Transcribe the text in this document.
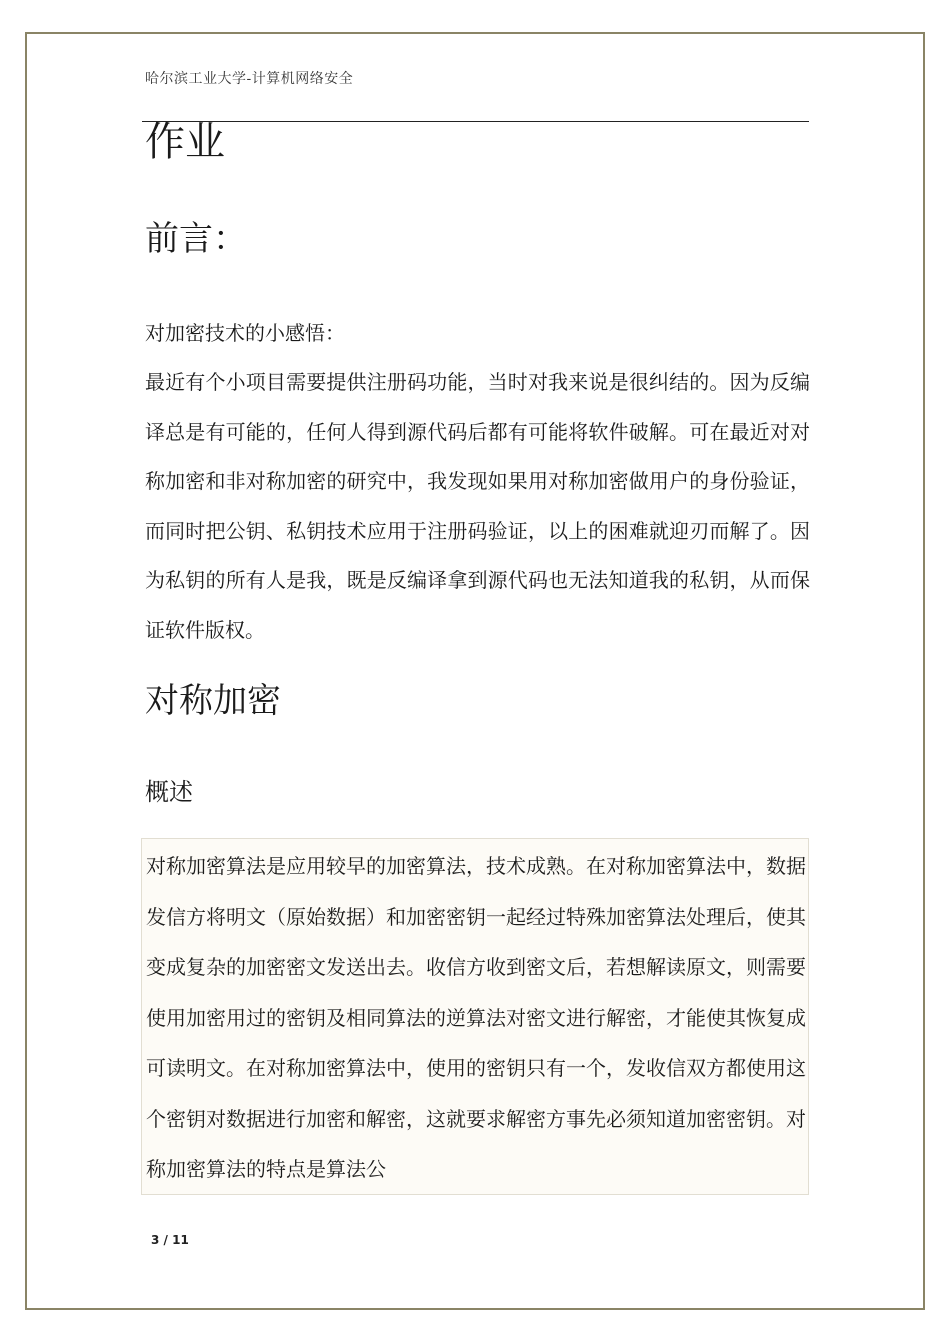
哈尔滨工业大学-计算机网络安全
作业
前言：
对加密技术的小感悟：

最近有个小项目需要提供注册码功能，当时对我来说是很纠结的。因为反编译总是有可能的，任何人得到源代码后都有可能将软件破解。可在最近对对称加密和非对称加密的研究中，我发现如果用对称加密做用户的身份验证，而同时把公钥、私钥技术应用于注册码验证，以上的困难就迎刃而解了。因为私钥的所有人是我，既是反编译拿到源代码也无法知道我的私钥，从而保证软件版权。

对称加密
概述

对称加密算法是应用较早的加密算法，技术成熟。在对称加密算法中，数据发信方将明文（原始数据）和加密密钥一起经过特殊加密算法处理后，使其变成复杂的加密密文发送出去。收信方收到密文后，若想解读原文，则需要使用加密用过的密钥及相同算法的逆算法对密文进行解密，才能使其恢复成可读明文。在对称加密算法中，使用的密钥只有一个，发收信双方都使用这个密钥对数据进行加密和解密，这就要求解密方事先必须知道加密密钥。对称加密算法的特点是算法公

3 / 11
